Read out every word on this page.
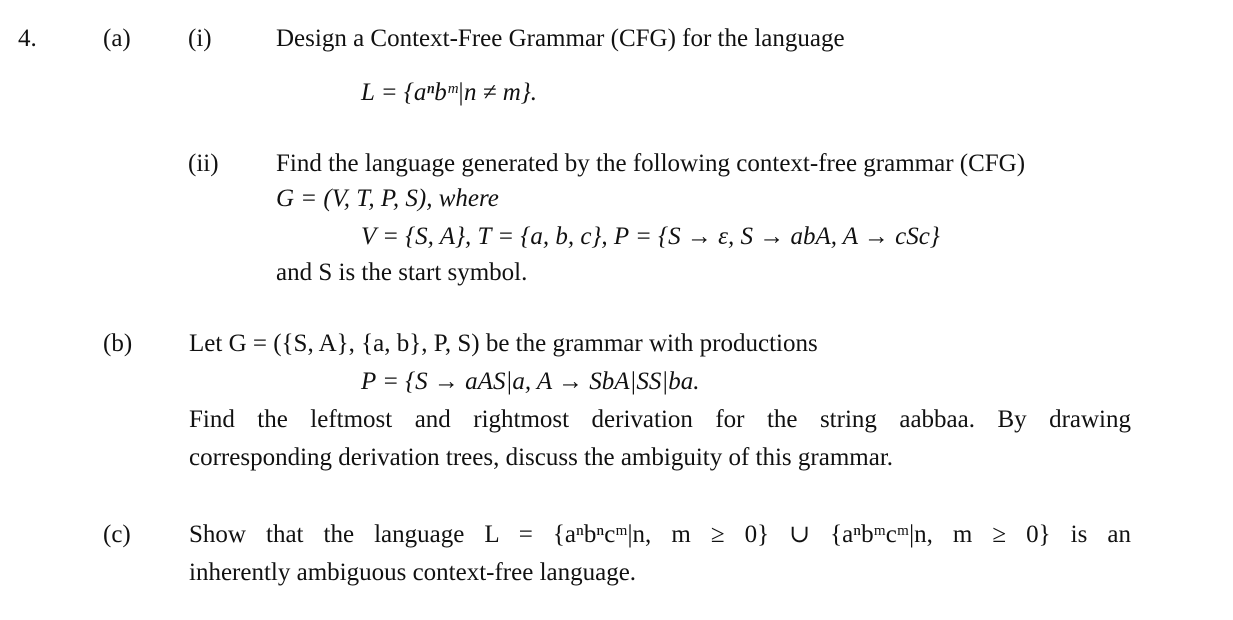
4.	(a) (i)
(ii)
(b)
(c)
Design a Context-Free Grammar (CFG) for the language
L = {aⁿbᵐ|n ≠ m}.
Find the language generated by the following context-free grammar (CFG)
G = (V, T, P, S), where
V = {S, A}, T = {a, b, c}, P = {S → ε, S → abA, A → cSc}
and S is the start symbol.
Let G = ({S, A}, {a, b}, P, S) be the grammar with productions
P = {S → aAS|a, A → SbA|SS|ba.
Find the leftmost and rightmost derivation for the string aabbaa. By drawing
corresponding derivation trees, discuss the ambiguity of this grammar.
Show that the language L = {aⁿbⁿcᵐ|n, m ≥ 0} ∪ {aⁿbᵐcᵐ|n, m ≥ 0} is an
inherently ambiguous context-free language.
